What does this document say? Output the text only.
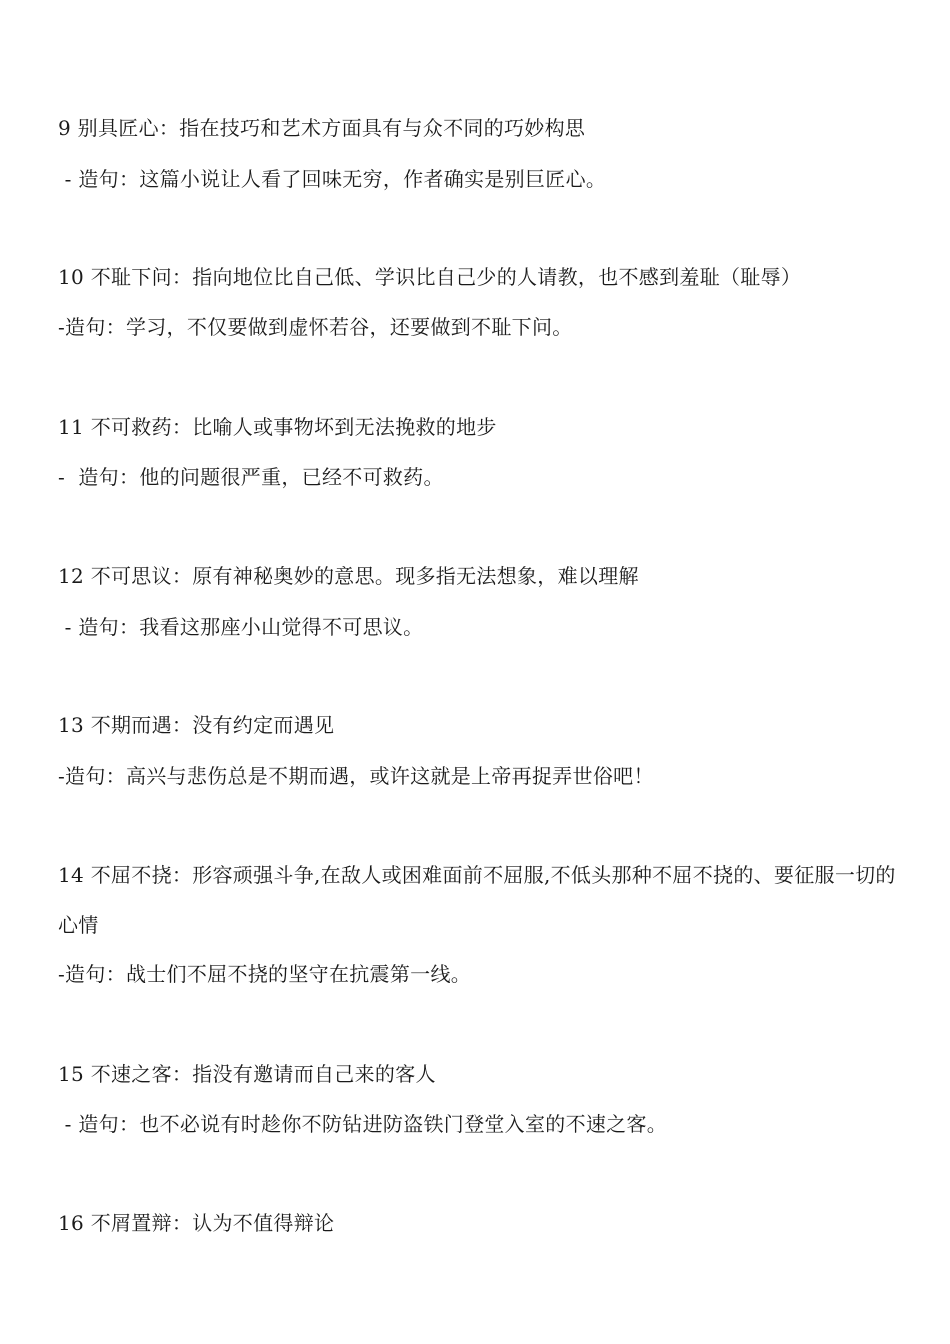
9 别具匠心：指在技巧和艺术方面具有与众不同的巧妙构思
- 造句：这篇小说让人看了回味无穷，作者确实是别巨匠心。
10 不耻下问：指向地位比自己低、学识比自己少的人请教，也不感到羞耻（耻辱）
-造句：学习，不仅要做到虚怀若谷，还要做到不耻下问。
11 不可救药：比喻人或事物坏到无法挽救的地步
-  造句：他的问题很严重，已经不可救药。
12 不可思议：原有神秘奥妙的意思。现多指无法想象，难以理解
- 造句：我看这那座小山觉得不可思议。
13 不期而遇：没有约定而遇见
-造句：高兴与悲伤总是不期而遇，或许这就是上帝再捉弄世俗吧！
14 不屈不挠：形容顽强斗争,在敌人或困难面前不屈服,不低头那种不屈不挠的、要征服一切的心情
-造句：战士们不屈不挠的坚守在抗震第一线。
15 不速之客：指没有邀请而自己来的客人
- 造句：也不必说有时趁你不防钻进防盗铁门登堂入室的不速之客。
16 不屑置辩：认为不值得辩论
